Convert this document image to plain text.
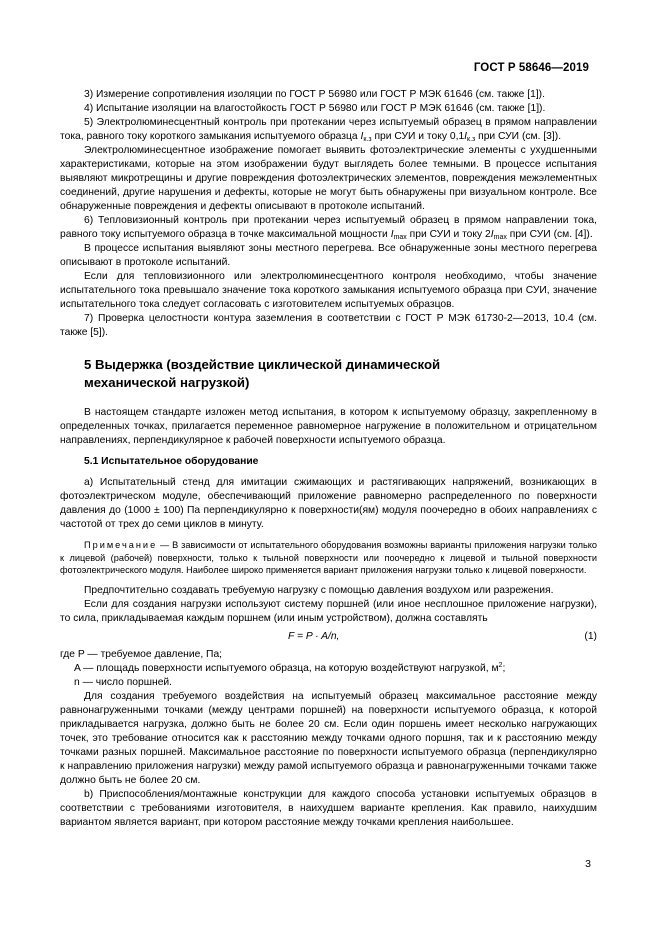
ГОСТ Р 58646—2019

3) Измерение сопротивления изоляции по ГОСТ Р 56980 или ГОСТ Р МЭК 61646 (см. также [1]).

4) Испытание изоляции на влагостойкость ГОСТ Р 56980 или ГОСТ Р МЭК 61646 (см. также [1]).

5) Электролюминесцентный контроль при протекании через испытуемый образец в прямом направлении тока, равного току короткого замыкания испытуемого образца $I_{к.з}$ при СУИ и току $0,1I_{к.з}$ при СУИ (см. [3]).

Электролюминесцентное изображение помогает выявить фотоэлектрические элементы с ухудшенными характеристиками, которые на этом изображении будут выглядеть более темными. В процессе испытания выявляют микротрещины и другие повреждения фотоэлектрических элементов, повреждения межэлементных соединений, другие нарушения и дефекты, которые не могут быть обнаружены при визуальном контроле. Все обнаруженные повреждения и дефекты описывают в протоколе испытаний.

6) Тепловизионный контроль при протекании через испытуемый образец в прямом направлении тока, равного току испытуемого образца в точке максимальной мощности $I_{max}$ при СУИ и току $2I_{max}$ при СУИ (см. [4]).

В процессе испытания выявляют зоны местного перегрева. Все обнаруженные зоны местного перегрева описывают в протоколе испытаний.

Если для тепловизионного или электролюминесцентного контроля необходимо, чтобы значение испытательного тока превышало значение тока короткого замыкания испытуемого образца при СУИ, значение испытательного тока следует согласовать с изготовителем испытуемых образцов.

7) Проверка целостности контура заземления в соответствии с ГОСТ Р МЭК 61730-2—2013, 10.4 (см. также [5]).

5 Выдержка (воздействие циклической динамической
механической нагрузкой)

В настоящем стандарте изложен метод испытания, в котором к испытуемому образцу, закрепленному в определенных точках, прилагается переменное равномерное нагружение в положительном и отрицательном направлениях, перпендикулярное к рабочей поверхности испытуемого образца.

5.1 Испытательное оборудование

a) Испытательный стенд для имитации сжимающих и растягивающих напряжений, возникающих в фотоэлектрическом модуле, обеспечивающий приложение равномерно распределенного по поверхности давления до (1000 ± 100) Па перпендикулярно к поверхности(ям) модуля поочередно в обоих направлениях с частотой от трех до семи циклов в минуту.

Примечание — В зависимости от испытательного оборудования возможны варианты приложения нагрузки только к лицевой (рабочей) поверхности, только к тыльной поверхности или поочередно к лицевой и тыльной поверхности фотоэлектрического модуля. Наиболее широко применяется вариант приложения нагрузки только к лицевой поверхности.

Предпочтительно создавать требуемую нагрузку с помощью давления воздухом или разрежения.

Если для создания нагрузки используют систему поршней (или иное несплошное приложение нагрузки), то сила, прикладываемая каждым поршнем (или иным устройством), должна составлять

F = P · A/n,	(1)

где P — требуемое давление, Па;

A — площадь поверхности испытуемого образца, на которую воздействуют нагрузкой, $м^2$;

n — число поршней.

Для создания требуемого воздействия на испытуемый образец максимальное расстояние между равнонагруженными точками (между центрами поршней) на поверхности испытуемого образца, к которой прикладывается нагрузка, должно быть не более 20 см. Если один поршень имеет несколько нагружающих точек, это требование относится как к расстоянию между точками одного поршня, так и к расстоянию между точками разных поршней. Максимальное расстояние по поверхности испытуемого образца (перпендикулярно к направлению приложения нагрузки) между рамой испытуемого образца и равнонагруженными точками также должно быть не более 20 см.

b) Приспособления/монтажные конструкции для каждого способа установки испытуемых образцов в соответствии с требованиями изготовителя, в наихудшем варианте крепления. Как правило, наихудшим вариантом является вариант, при котором расстояние между точками крепления наибольшее.

3
